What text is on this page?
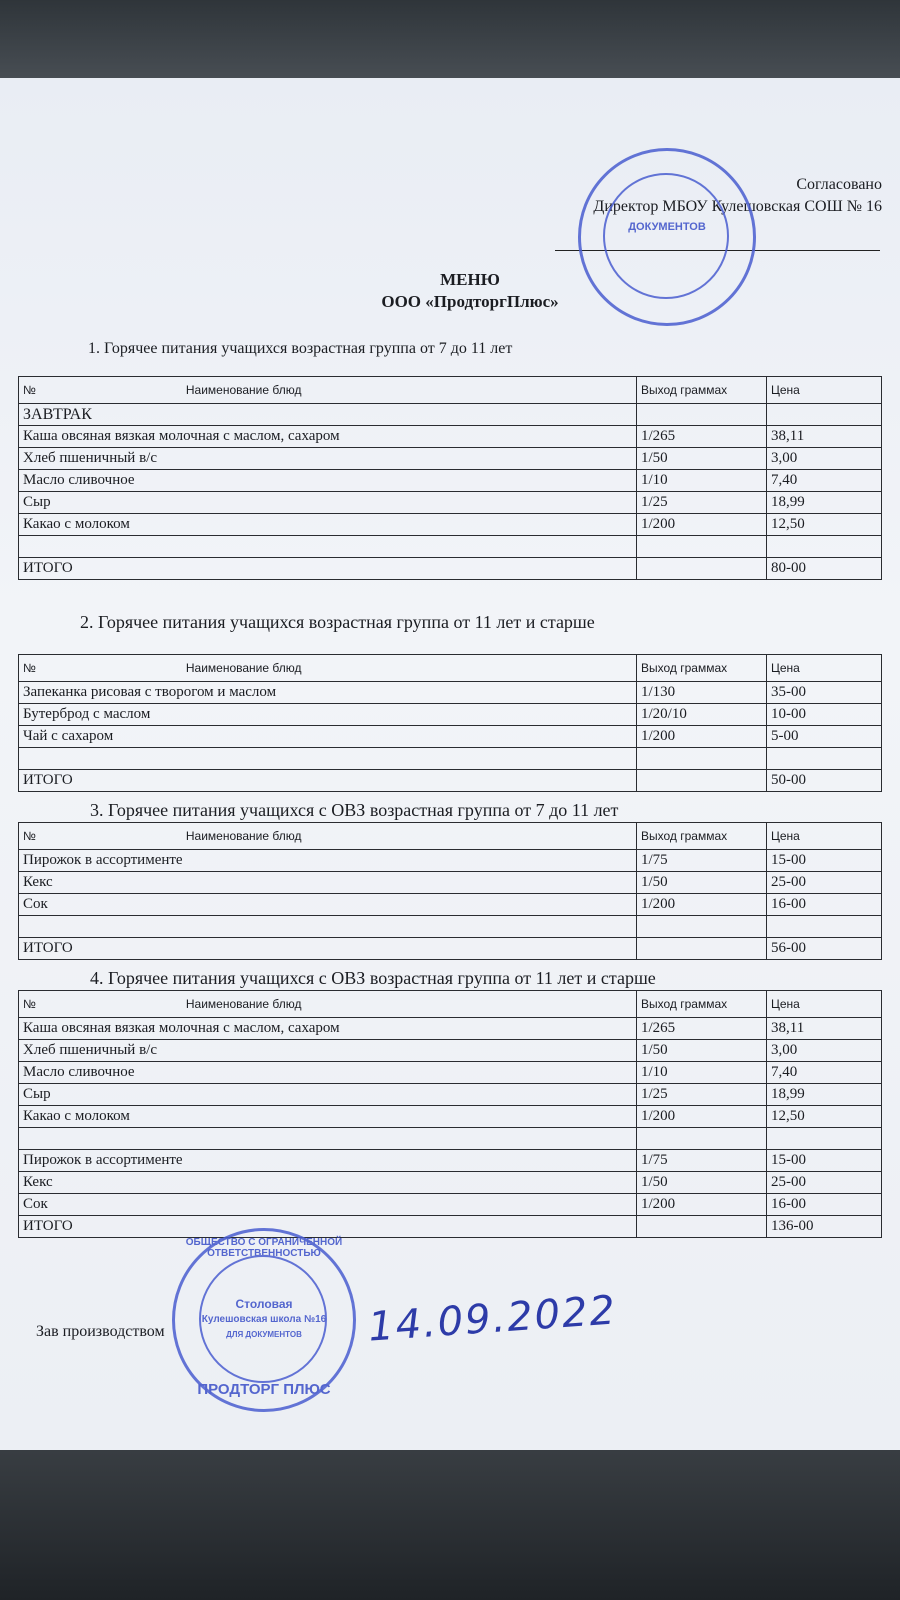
Согласовано
Директор МБОУ Кулешовская СОШ № 16
МЕНЮ
ООО «ПродторгПлюс»
1. Горячее питания учащихся возрастная группа от 7 до 11 лет
№ Наименование блюд	Выход граммах	Цена
ЗАВТРАК		
Каша овсяная вязкая молочная с маслом, сахаром	1/265	38,11
Хлеб пшеничный в/с	1/50	3,00
Масло сливочное	1/10	7,40
Сыр	1/25	18,99
Какао с молоком	1/200	12,50

ИТОГО		80-00
2. Горячее питания учащихся возрастная группа от 11 лет и старше
№ Наименование блюд	Выход граммах	Цена
Запеканка рисовая с творогом и маслом	1/130	35-00
Бутерброд с маслом	1/20/10	10-00
Чай с сахаром	1/200	5-00

ИТОГО		50-00
3. Горячее питания учащихся с ОВЗ возрастная группа от 7 до 11 лет
№ Наименование блюд	Выход граммах	Цена
Пирожок в ассортименте	1/75	15-00
Кекс	1/50	25-00
Сок	1/200	16-00

ИТОГО		56-00
4. Горячее питания учащихся с ОВЗ возрастная группа от 11 лет и старше
№ Наименование блюд	Выход граммах	Цена
Каша овсяная вязкая молочная с маслом, сахаром	1/265	38,11
Хлеб пшеничный в/с	1/50	3,00
Масло сливочное	1/10	7,40
Сыр	1/25	18,99
Какао с молоком	1/200	12,50

Пирожок в ассортименте	1/75	15-00
Кекс	1/50	25-00
Сок	1/200	16-00
ИТОГО		136-00
Зав производством	14.09.2022
ДОКУМЕНТОВ
ОБЩЕСТВО С ОГРАНИЧЕННОЙ ОТВЕТСТВЕННОСТЬЮ
Столовая
Кулешовская школа №16
ДЛЯ ДОКУМЕНТОВ
ПРОДТОРГ ПЛЮС
